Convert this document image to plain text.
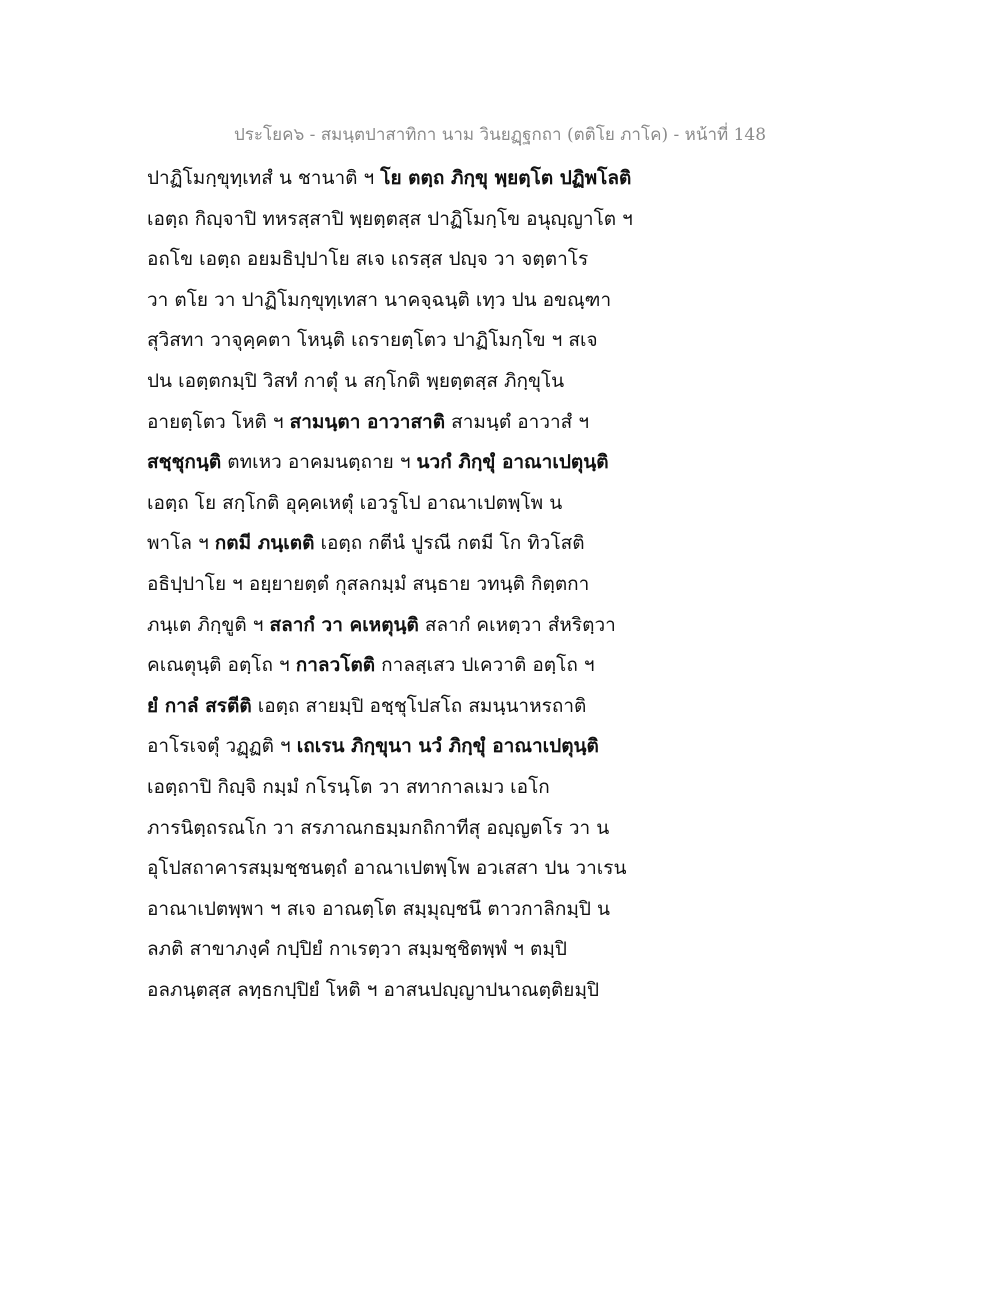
ประโยค๖ - สมนฺตปาสาทิกา นาม วินยฏฺฐกถา (ตติโย ภาโค) - หน้าที่ 148
ปาฏิโมกฺขุทฺเทสํ น ชานาติ ฯ โย ตตฺถ ภิกฺขุ พฺยตฺโต ปฏิพโลติ
เอตฺถ กิญฺจาปิ ทหรสฺสาปิ พฺยตฺตสฺส ปาฏิโมกฺโข อนุญฺญาโต ฯ
อถโข เอตฺถ อยมธิปฺปาโย สเจ เถรสฺส ปญฺจ วา จตฺตาโร
วา ตโย วา ปาฏิโมกฺขุทฺเทสา นาคจฺฉนฺติ เทฺว ปน อขณฺฑา
สุวิสทา วาจุคฺคตา โหนฺติ เถรายตฺโตว ปาฏิโมกฺโข ฯ สเจ
ปน เอตฺตกมฺปิ วิสทํ กาตุํ น สกฺโกติ พฺยตฺตสฺส ภิกฺขุโน
อายตฺโตว โหติ ฯ สามนฺตา อาวาสาติ สามนฺตํ อาวาสํ ฯ
สชฺชุกนฺติ ตทเหว อาคมนตฺถาย ฯ นวกํ ภิกฺขุํ อาณาเปตุนฺติ
เอตฺถ โย สกฺโกติ อุคฺคเหตุํ เอวรูโป อาณาเปตพฺโพ น
พาโล ฯ กตมี ภนฺเตติ เอตฺถ กตีนํ ปูรณี กตมี โก ทิวโสติ
อธิปฺปาโย ฯ อยฺยายตฺตํ กุสลกมฺมํ สนฺธาย วทนฺติ กิตฺตกา
ภนฺเต ภิกฺขูติ ฯ สลากํ วา คเหตุนฺติ สลากํ คเหตฺวา สํหริตฺวา
คเณตุนฺติ อตฺโถ ฯ กาลวโตติ กาลสฺเสว ปเควาติ อตฺโถ ฯ
ยํ กาลํ สรตีติ เอตฺถ สายมฺปิ อชฺชุโปสโถ สมนฺนาหรถาติ
อาโรเจตุํ วฏฺฏติ ฯ เถเรน ภิกฺขุนา นวํ ภิกฺขุํ อาณาเปตุนฺติ
เอตฺถาปิ กิญฺจิ กมฺมํ กโรนฺโต วา สทากาลเมว เอโก
ภารนิตฺถรณโก วา สรภาณกธมฺมกถิกาทีสุ อญฺญตโร วา น
อุโปสถาคารสมฺมชฺชนตฺถํ อาณาเปตพฺโพ อวเสสา ปน วาเรน
อาณาเปตพฺพา ฯ สเจ อาณตฺโต สมฺมุญฺชนึ ตาวกาลิกมฺปิ น
ลภติ สาขาภงฺคํ กปฺปิยํ กาเรตฺวา สมฺมชฺชิตพฺพํ ฯ ตมฺปิ
อลภนฺตสฺส ลทฺธกปฺปิยํ โหติ ฯ อาสนปญฺญาปนาณตฺติยมฺปิ
